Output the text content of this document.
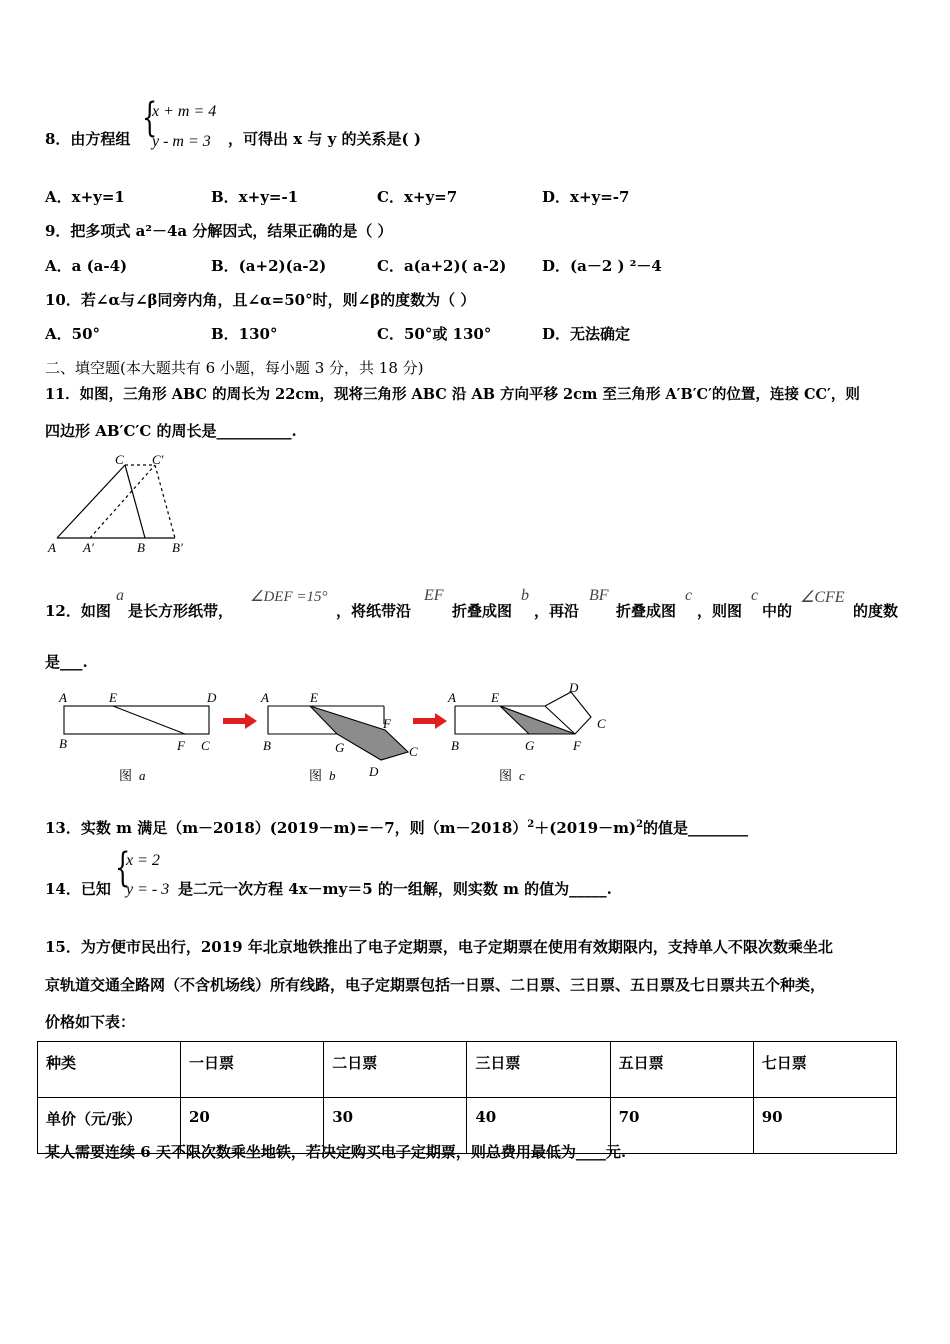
8．由方程组 {
x + m = 4
y - m = 3 ，可得出 x 与 y 的关系是( )
A．x+y=1	B．x+y=-1	C．x+y=7	D．x+y=-7
9．把多项式 a²－4a 分解因式，结果正确的是（ ）
A．a (a-4)	B．(a+2)(a-2)	C．a(a+2)( a-2) D．(a－2 ) ²－4
10．若∠α与∠β同旁内角，且∠α=50°时，则∠β的度数为（ ）
A．50°	B．130°	C．50°或 130°	D．无法确定
二、填空题(本大题共有 6 小题，每小题 3 分，共 18 分)
11．如图，三角形 ABC 的周长为 22cm，现将三角形 ABC 沿 AB 方向平移 2cm 至三角形 A′B′C′的位置，连接 CC′，则
四边形 AB′C′C 的周长是__________.
C C′
A A′	B B′
12．如图
a
是长方形纸带，
∠DEF =15°
，将纸带沿
EF
折叠成图
b
，再沿
BF
折叠成图
c
，则图
c
中的
∠CFE
的度数
是___.
A	E	D
B	F C
图 a
A	E
F
B	G	C
D
图 b
A	E
D
C
B	G	F
图 c
13．实数 m 满足（m－2018）(2019－m)=－7，则$(m-2018)^2+(2019-m)^2$的值是________
14．已知 {
x = 2
y = - 3 是二元一次方程 4x－my＝5 的一组解，则实数 m 的值为_____.
15．为方便市民出行，2019 年北京地铁推出了电子定期票，电子定期票在使用有效期限内，支持单人不限次数乘坐北
京轨道交通全路网（不含机场线）所有线路，电子定期票包括一日票、二日票、三日票、五日票及七日票共五个种类，
价格如下表：
种类	一日票	二日票	三日票	五日票	七日票
单价（元/张）	20	30	40	70	90
某人需要连续 6 天不限次数乘坐地铁，若决定购买电子定期票，则总费用最低为____元.
